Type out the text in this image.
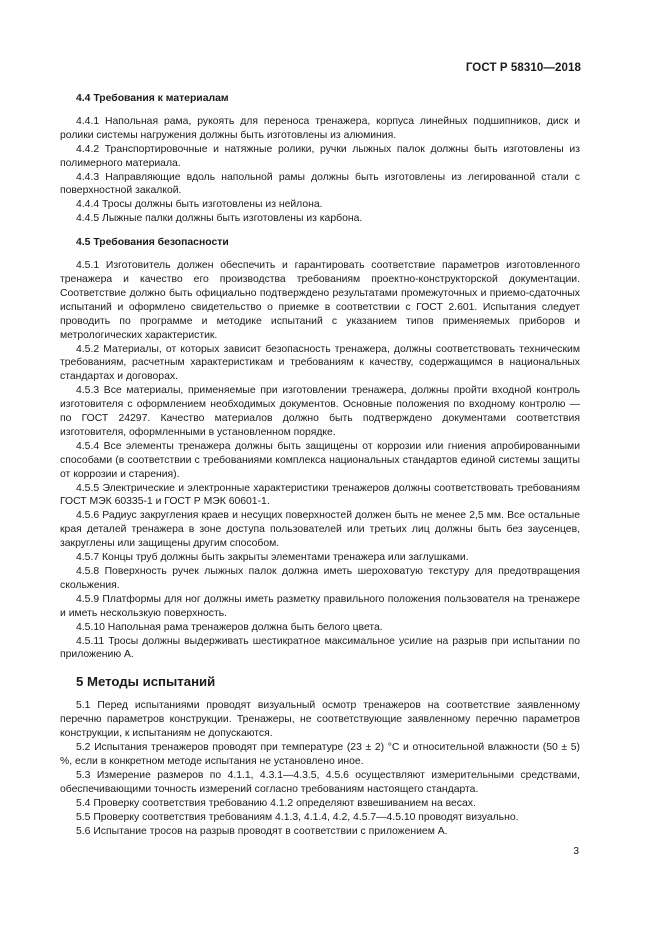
ГОСТ Р 58310—2018
4.4 Требования к материалам

4.4.1 Напольная рама, рукоять для переноса тренажера, корпуса линейных подшипников, диск и ролики системы нагружения должны быть изготовлены из алюминия.

4.4.2 Транспортировочные и натяжные ролики, ручки лыжных палок должны быть изготовлены из полимерного материала.

4.4.3 Направляющие вдоль напольной рамы должны быть изготовлены из легированной стали с поверхностной закалкой.

4.4.4 Тросы должны быть изготовлены из нейлона.

4.4.5 Лыжные палки должны быть изготовлены из карбона.

4.5 Требования безопасности

4.5.1 Изготовитель должен обеспечить и гарантировать соответствие параметров изготовленного тренажера и качество его производства требованиям проектно-конструкторской документации. Соответствие должно быть официально подтверждено результатами промежуточных и приемо-сдаточных испытаний и оформлено свидетельство о приемке в соответствии с ГОСТ 2.601. Испытания следует проводить по программе и методике испытаний с указанием типов применяемых приборов и метрологических характеристик.

4.5.2 Материалы, от которых зависит безопасность тренажера, должны соответствовать техническим требованиям, расчетным характеристикам и требованиям к качеству, содержащимся в национальных стандартах и договорах.

4.5.3 Все материалы, применяемые при изготовлении тренажера, должны пройти входной контроль изготовителя с оформлением необходимых документов. Основные положения по входному контролю — по ГОСТ 24297. Качество материалов должно быть подтверждено документами соответствия изготовителя, оформленными в установленном порядке.

4.5.4 Все элементы тренажера должны быть защищены от коррозии или гниения апробированными способами (в соответствии с требованиями комплекса национальных стандартов единой системы защиты от коррозии и старения).

4.5.5 Электрические и электронные характеристики тренажеров должны соответствовать требованиям ГОСТ МЭК 60335-1 и ГОСТ Р МЭК 60601-1.

4.5.6 Радиус закругления краев и несущих поверхностей должен быть не менее 2,5 мм. Все остальные края деталей тренажера в зоне доступа пользователей или третьих лиц должны быть без заусенцев, закруглены или защищены другим способом.

4.5.7 Концы труб должны быть закрыты элементами тренажера или заглушками.

4.5.8 Поверхность ручек лыжных палок должна иметь шероховатую текстуру для предотвращения скольжения.

4.5.9 Платформы для ног должны иметь разметку правильного положения пользователя на тренажере и иметь нескользкую поверхность.

4.5.10 Напольная рама тренажеров должна быть белого цвета.

4.5.11 Тросы должны выдерживать шестикратное максимальное усилие на разрыв при испытании по приложению А.

5 Методы испытаний

5.1 Перед испытаниями проводят визуальный осмотр тренажеров на соответствие заявленному перечню параметров конструкции. Тренажеры, не соответствующие заявленному перечню параметров конструкции, к испытаниям не допускаются.

5.2 Испытания тренажеров проводят при температуре (23 ± 2) °С и относительной влажности (50 ± 5) %, если в конкретном методе испытания не установлено иное.

5.3 Измерение размеров по 4.1.1, 4.3.1—4.3.5, 4.5.6 осуществляют измерительными средствами, обеспечивающими точность измерений согласно требованиям настоящего стандарта.

5.4 Проверку соответствия требованию 4.1.2 определяют взвешиванием на весах.

5.5 Проверку соответствия требованиям 4.1.3, 4.1.4, 4.2, 4.5.7—4.5.10 проводят визуально.

5.6 Испытание тросов на разрыв проводят в соответствии с приложением А.

3
